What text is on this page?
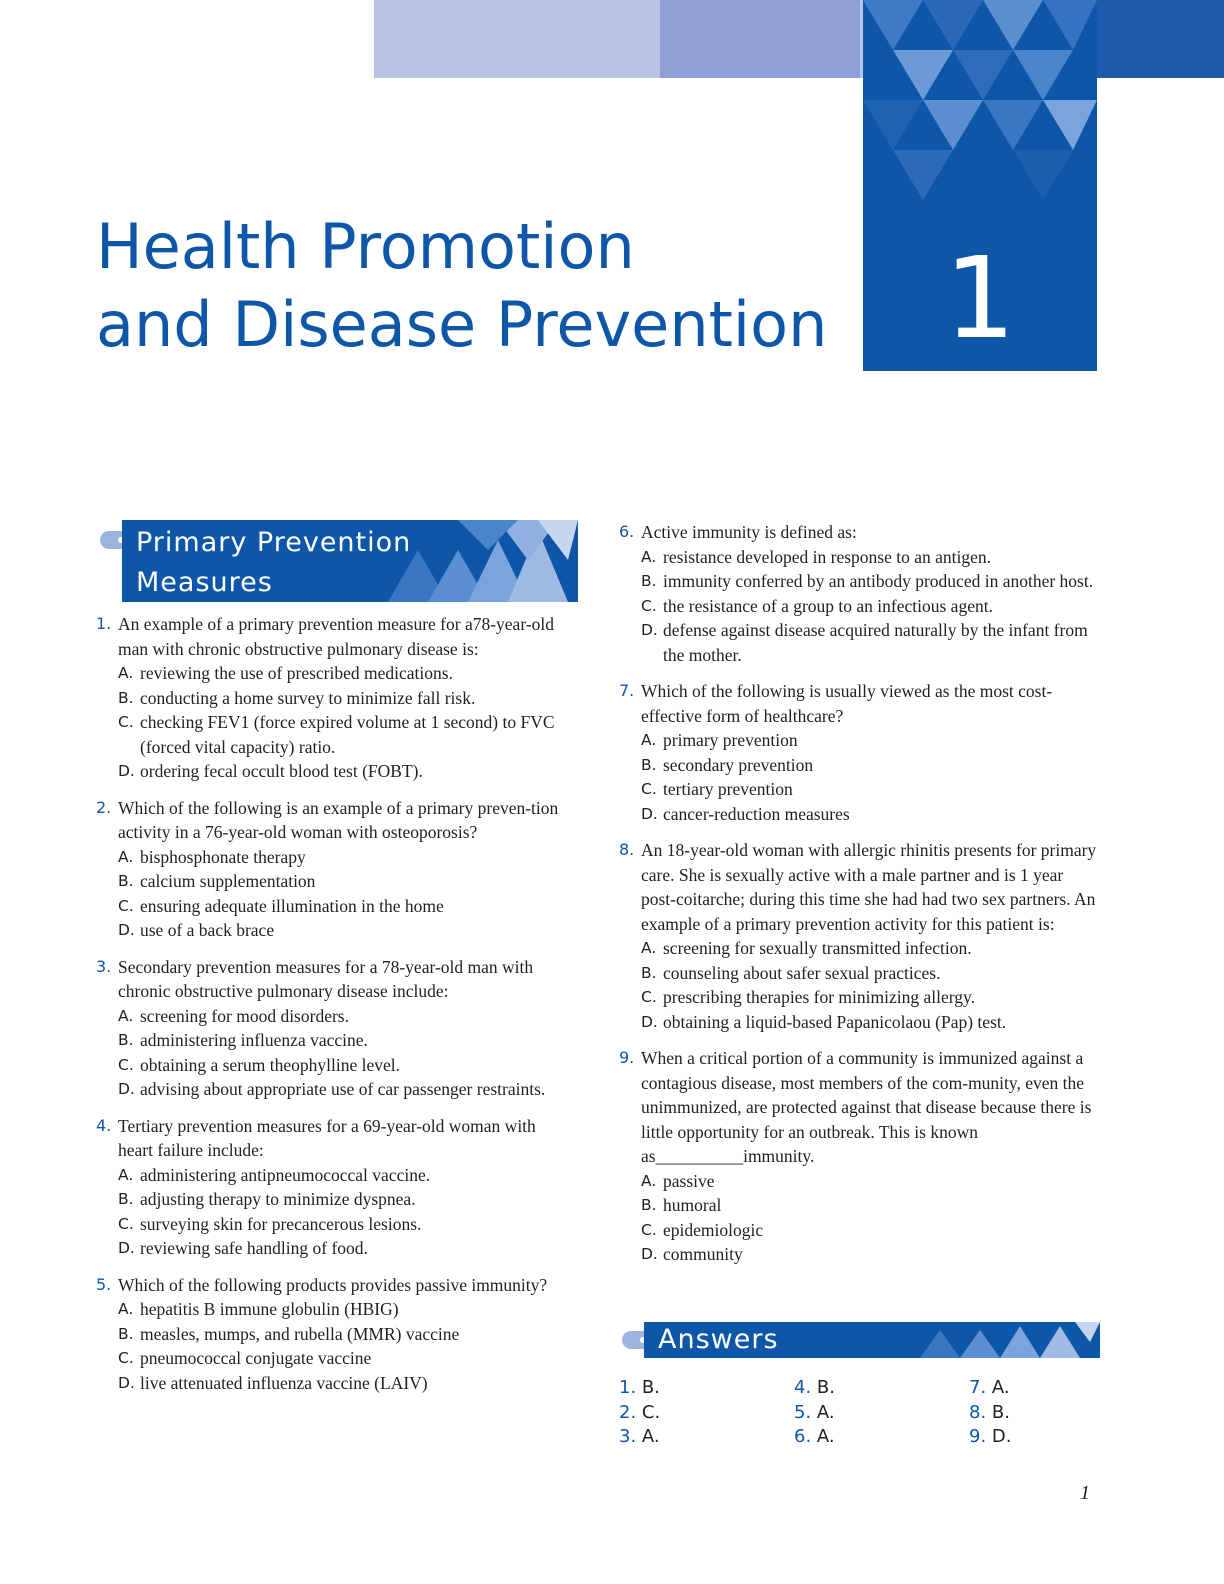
1
Health Promotion
and Disease Prevention
Primary Prevention
Measures
1. An example of a primary prevention measure for a78-year-old man with chronic obstructive pulmonary disease is:
A. reviewing the use of prescribed medications.
B. conducting a home survey to minimize fall risk.
C. checking FEV1 (force expired volume at 1 second) to FVC (forced vital capacity) ratio.
D. ordering fecal occult blood test (FOBT).
2. Which of the following is an example of a primary preven-tion activity in a 76-year-old woman with osteoporosis?
A. bisphosphonate therapy
B. calcium supplementation
C. ensuring adequate illumination in the home
D. use of a back brace
3. Secondary prevention measures for a 78-year-old man with chronic obstructive pulmonary disease include:
A. screening for mood disorders.
B. administering influenza vaccine.
C. obtaining a serum theophylline level.
D. advising about appropriate use of car passenger restraints.
4. Tertiary prevention measures for a 69-year-old woman with heart failure include:
A. administering antipneumococcal vaccine.
B. adjusting therapy to minimize dyspnea.
C. surveying skin for precancerous lesions.
D. reviewing safe handling of food.
5. Which of the following products provides passive immunity?
A. hepatitis B immune globulin (HBIG)
B. measles, mumps, and rubella (MMR) vaccine
C. pneumococcal conjugate vaccine
D. live attenuated influenza vaccine (LAIV)
6. Active immunity is defined as:
A. resistance developed in response to an antigen.
B. immunity conferred by an antibody produced in another host.
C. the resistance of a group to an infectious agent.
D. defense against disease acquired naturally by the infant from the mother.
7. Which of the following is usually viewed as the most cost-effective form of healthcare?
A. primary prevention
B. secondary prevention
C. tertiary prevention
D. cancer-reduction measures
8. An 18-year-old woman with allergic rhinitis presents for primary care. She is sexually active with a male partner and is 1 year post-coitarche; during this time she had had two sex partners. An example of a primary prevention activity for this patient is:
A. screening for sexually transmitted infection.
B. counseling about safer sexual practices.
C. prescribing therapies for minimizing allergy.
D. obtaining a liquid-based Papanicolaou (Pap) test.
9. When a critical portion of a community is immunized against a contagious disease, most members of the com-munity, even the unimmunized, are protected against that disease because there is little opportunity for an outbreak. This is known as__________immunity.
A. passive
B. humoral
C. epidemiologic
D. community
Answers
1. B.
2. C.
3. A.
4. B.
5. A.
6. A.
7. A.
8. B.
9. D.
1
